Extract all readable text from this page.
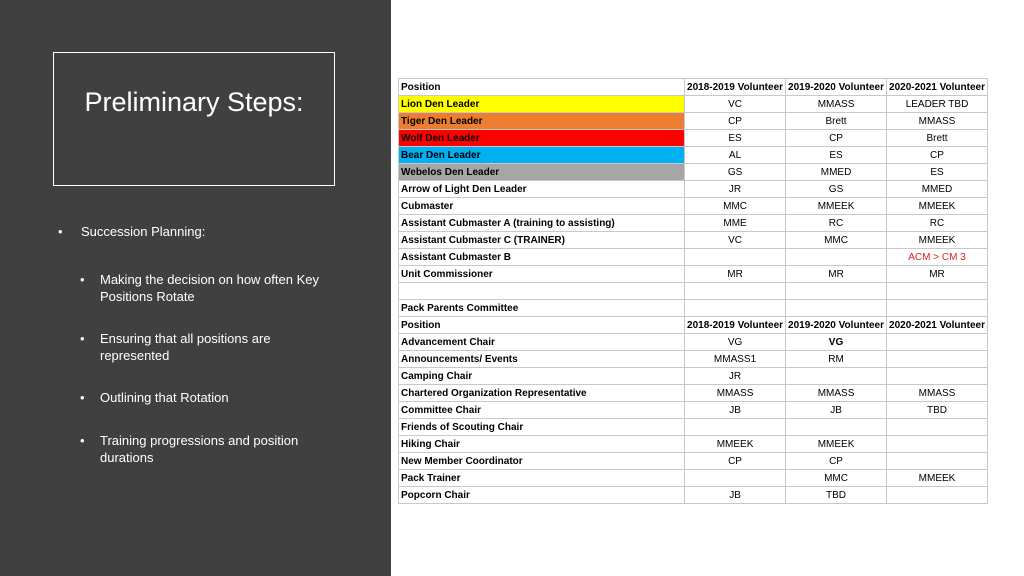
Preliminary Steps:
• Succession Planning:
• Making the decision on how often Key Positions Rotate
• Ensuring that all positions are represented
• Outlining that Rotation
• Training progressions and position durations
Position	2018-2019 Volunteer	2019-2020 Volunteer	2020-2021 Volunteer
Lion Den Leader	VC	MMASS	LEADER TBD
Tiger Den Leader	CP	Brett	MMASS
Wolf Den Leader	ES	CP	Brett
Bear Den Leader	AL	ES	CP
Webelos Den Leader	GS	MMED	ES
Arrow of Light Den Leader	JR	GS	MMED
Cubmaster	MMC	MMEEK	MMEEK
Assistant Cubmaster A (training to assisting)	MME	RC	RC
Assistant Cubmaster C (TRAINER)	VC	MMC	MMEEK
Assistant Cubmaster B			ACM > CM 3
Unit Commissioner	MR	MR	MR

Pack Parents Committee			
Position	2018-2019 Volunteer	2019-2020 Volunteer	2020-2021 Volunteer
Advancement Chair	VG	VG	
Announcements/ Events	MMASS1	RM	
Camping Chair	JR		
Chartered Organization Representative	MMASS	MMASS	MMASS
Committee Chair	JB	JB	TBD
Friends of Scouting Chair			
Hiking Chair	MMEEK	MMEEK	
New Member Coordinator	CP	CP	
Pack Trainer		MMC	MMEEK
Popcorn Chair	JB	TBD	
